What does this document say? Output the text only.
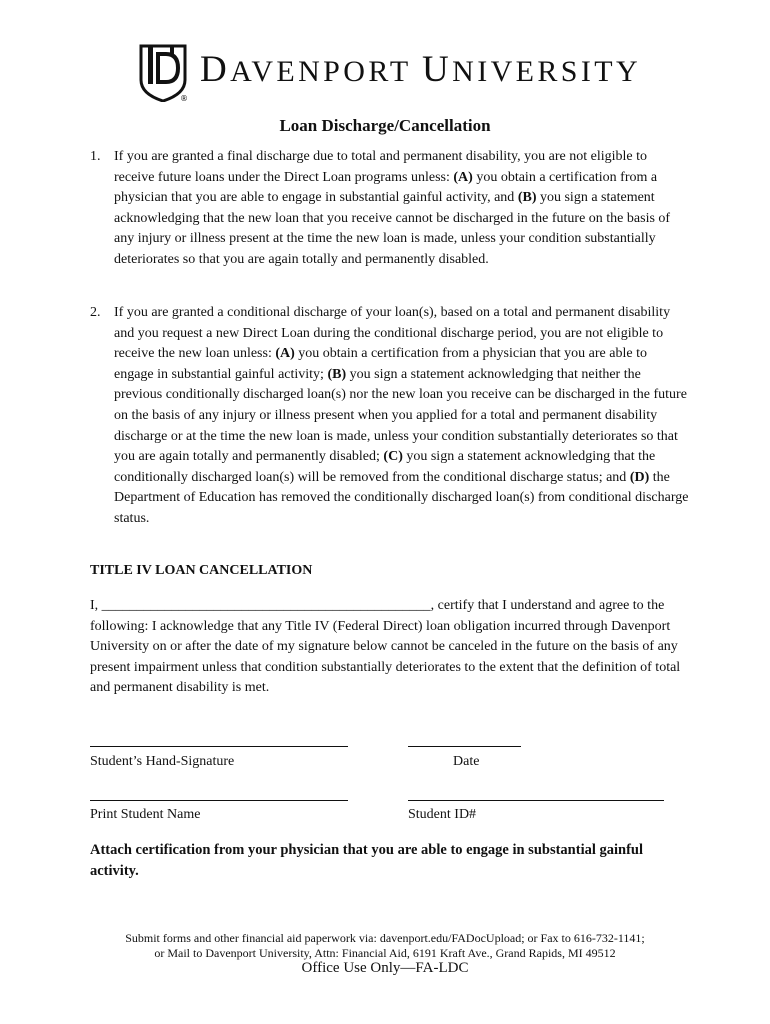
®
DAVENPORT UNIVERSITY
Loan Discharge/Cancellation
1. If you are granted a final discharge due to total and permanent disability, you are not eligible to receive future loans under the Direct Loan programs unless: (A) you obtain a certification from a physician that you are able to engage in substantial gainful activity, and (B) you sign a statement acknowledging that the new loan that you receive cannot be discharged in the future on the basis of any injury or illness present at the time the new loan is made, unless your condition substantially deteriorates so that you are again totally and permanently disabled.
2. If you are granted a conditional discharge of your loan(s), based on a total and permanent disability and you request a new Direct Loan during the conditional discharge period, you are not eligible to receive the new loan unless: (A) you obtain a certification from a physician that you are able to engage in substantial gainful activity; (B) you sign a statement acknowledging that neither the previous conditionally discharged loan(s) nor the new loan you receive can be discharged in the future on the basis of any injury or illness present when you applied for a total and permanent disability discharge or at the time the new loan is made, unless your condition substantially deteriorates so that you are again totally and permanently disabled; (C) you sign a statement acknowledging that the conditionally discharged loan(s) will be removed from the conditional discharge status; and (D) the Department of Education has removed the conditionally discharged loan(s) from conditional discharge status.
TITLE IV LOAN CANCELLATION
I, _______________________________________________, certify that I understand and agree to the following: I acknowledge that any Title IV (Federal Direct) loan obligation incurred through Davenport University on or after the date of my signature below cannot be canceled in the future on the basis of any present impairment unless that condition substantially deteriorates to the extent that the definition of total and permanent disability is met.
Student’s Hand-Signature	Date
Print Student Name	Student ID#
Attach certification from your physician that you are able to engage in substantial gainful activity.
Submit forms and other financial aid paperwork via: davenport.edu/FADocUpload; or Fax to 616-732-1141;
or Mail to Davenport University, Attn: Financial Aid, 6191 Kraft Ave., Grand Rapids, MI 49512
Office Use Only—FA-LDC
